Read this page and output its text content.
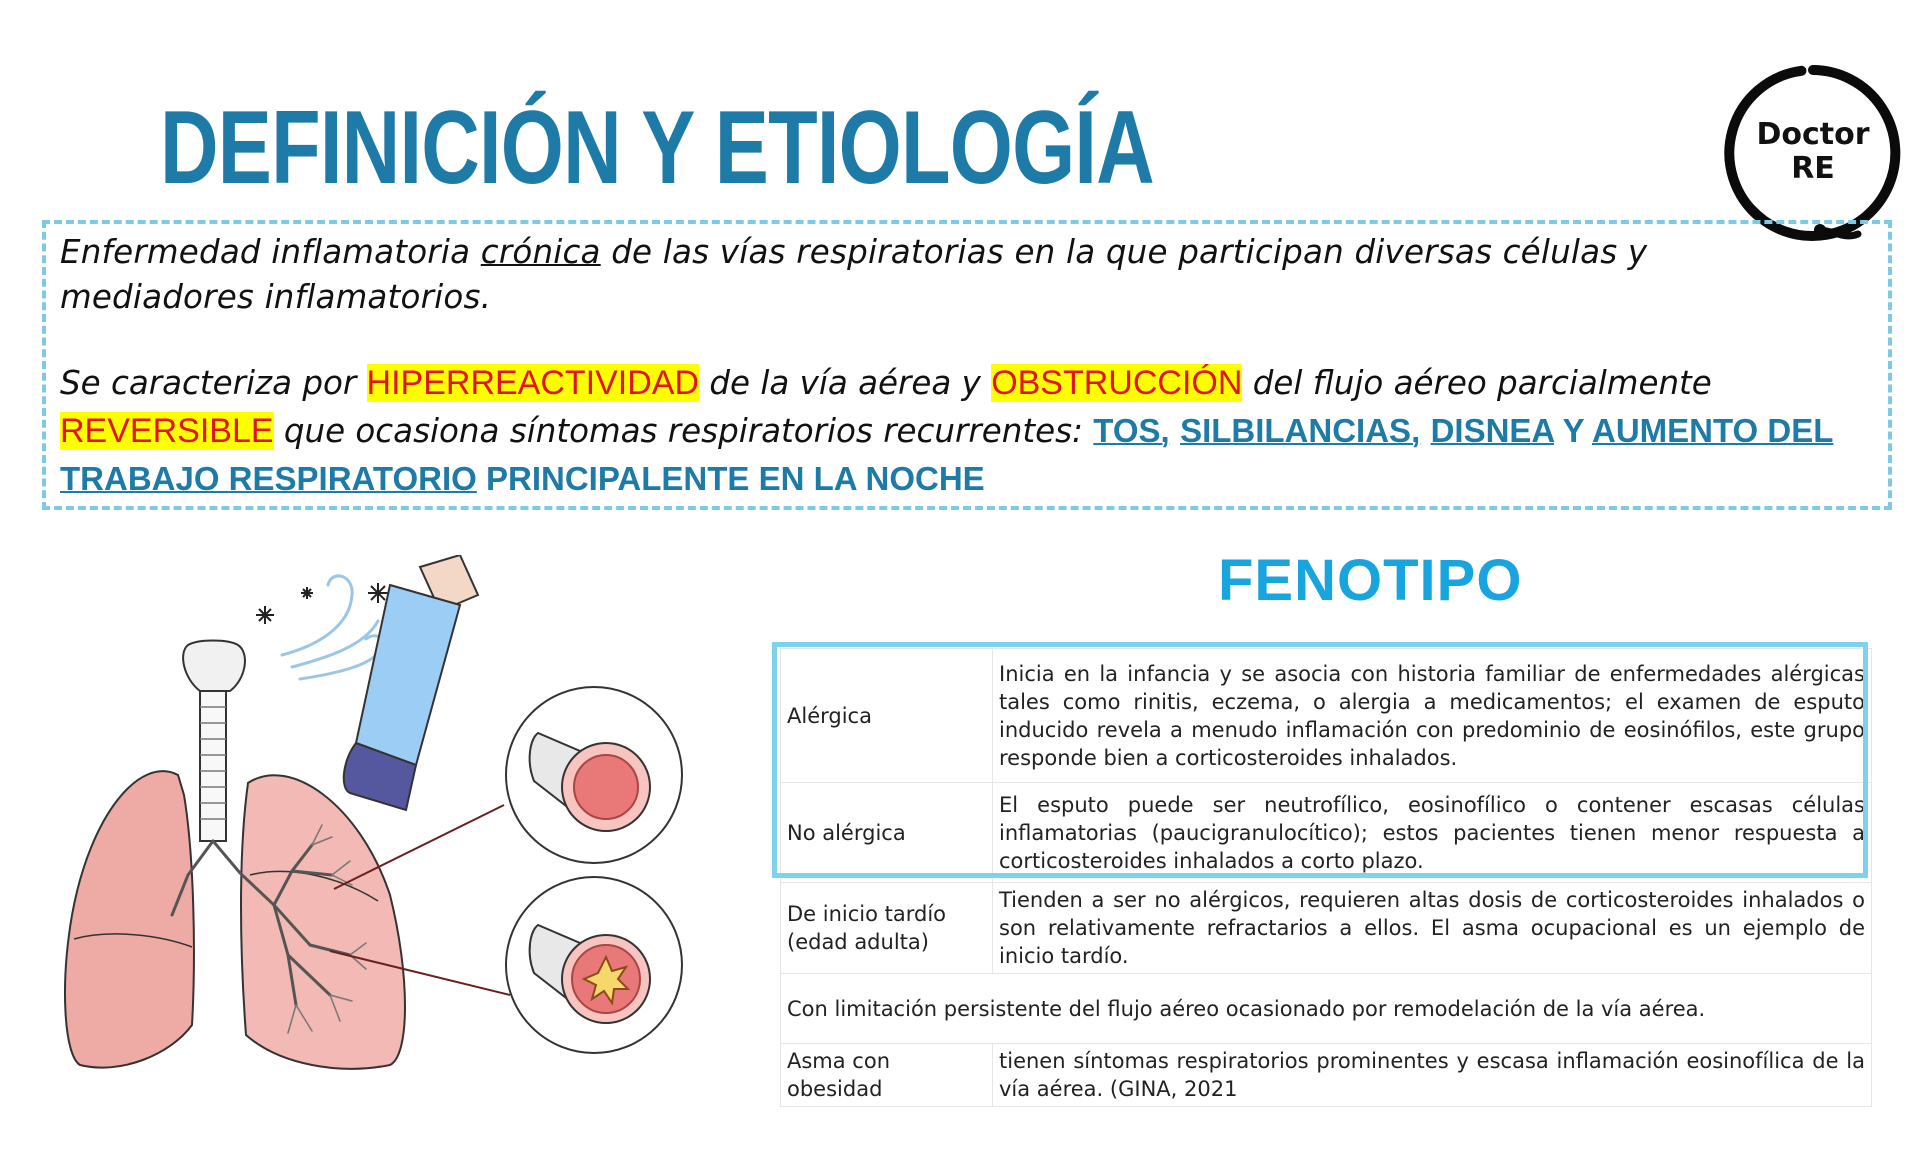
DEFINICIÓN Y ETIOLOGÍA	Doctor
RE

Enfermedad inflamatoria crónica de las vías respiratorias en la que participan diversas células y mediadores inflamatorios.

Se caracteriza por HIPERREACTIVIDAD de la vía aérea y OBSTRUCCIÓN del flujo aéreo parcialmente REVERSIBLE que ocasiona síntomas respiratorios recurrentes: TOS, SILBILANCIAS, DISNEA Y AUMENTO DEL TRABAJO RESPIRATORIO PRINCIPALENTE EN LA NOCHE

FENOTIPO
Alérgica	Inicia en la infancia y se asocia con historia familiar de enfermedades alérgicas tales como rinitis, eczema, o alergia a medicamentos; el examen de esputo inducido revela a menudo inflamación con predominio de eosinófilos, este grupo responde bien a corticosteroides inhalados.
No alérgica	El esputo puede ser neutrofílico, eosinofílico o contener escasas células inflamatorias (paucigranulocítico); estos pacientes tienen menor respuesta a corticosteroides inhalados a corto plazo.
De inicio tardío (edad adulta)	Tienden a ser no alérgicos, requieren altas dosis de corticosteroides inhalados o son relativamente refractarios a ellos. El asma ocupacional es un ejemplo de inicio tardío.
Con limitación persistente del flujo aéreo ocasionado por remodelación de la vía aérea.	
Asma con obesidad	tienen síntomas respiratorios prominentes y escasa inflamación eosinofílica de la vía aérea. (GINA, 2021
